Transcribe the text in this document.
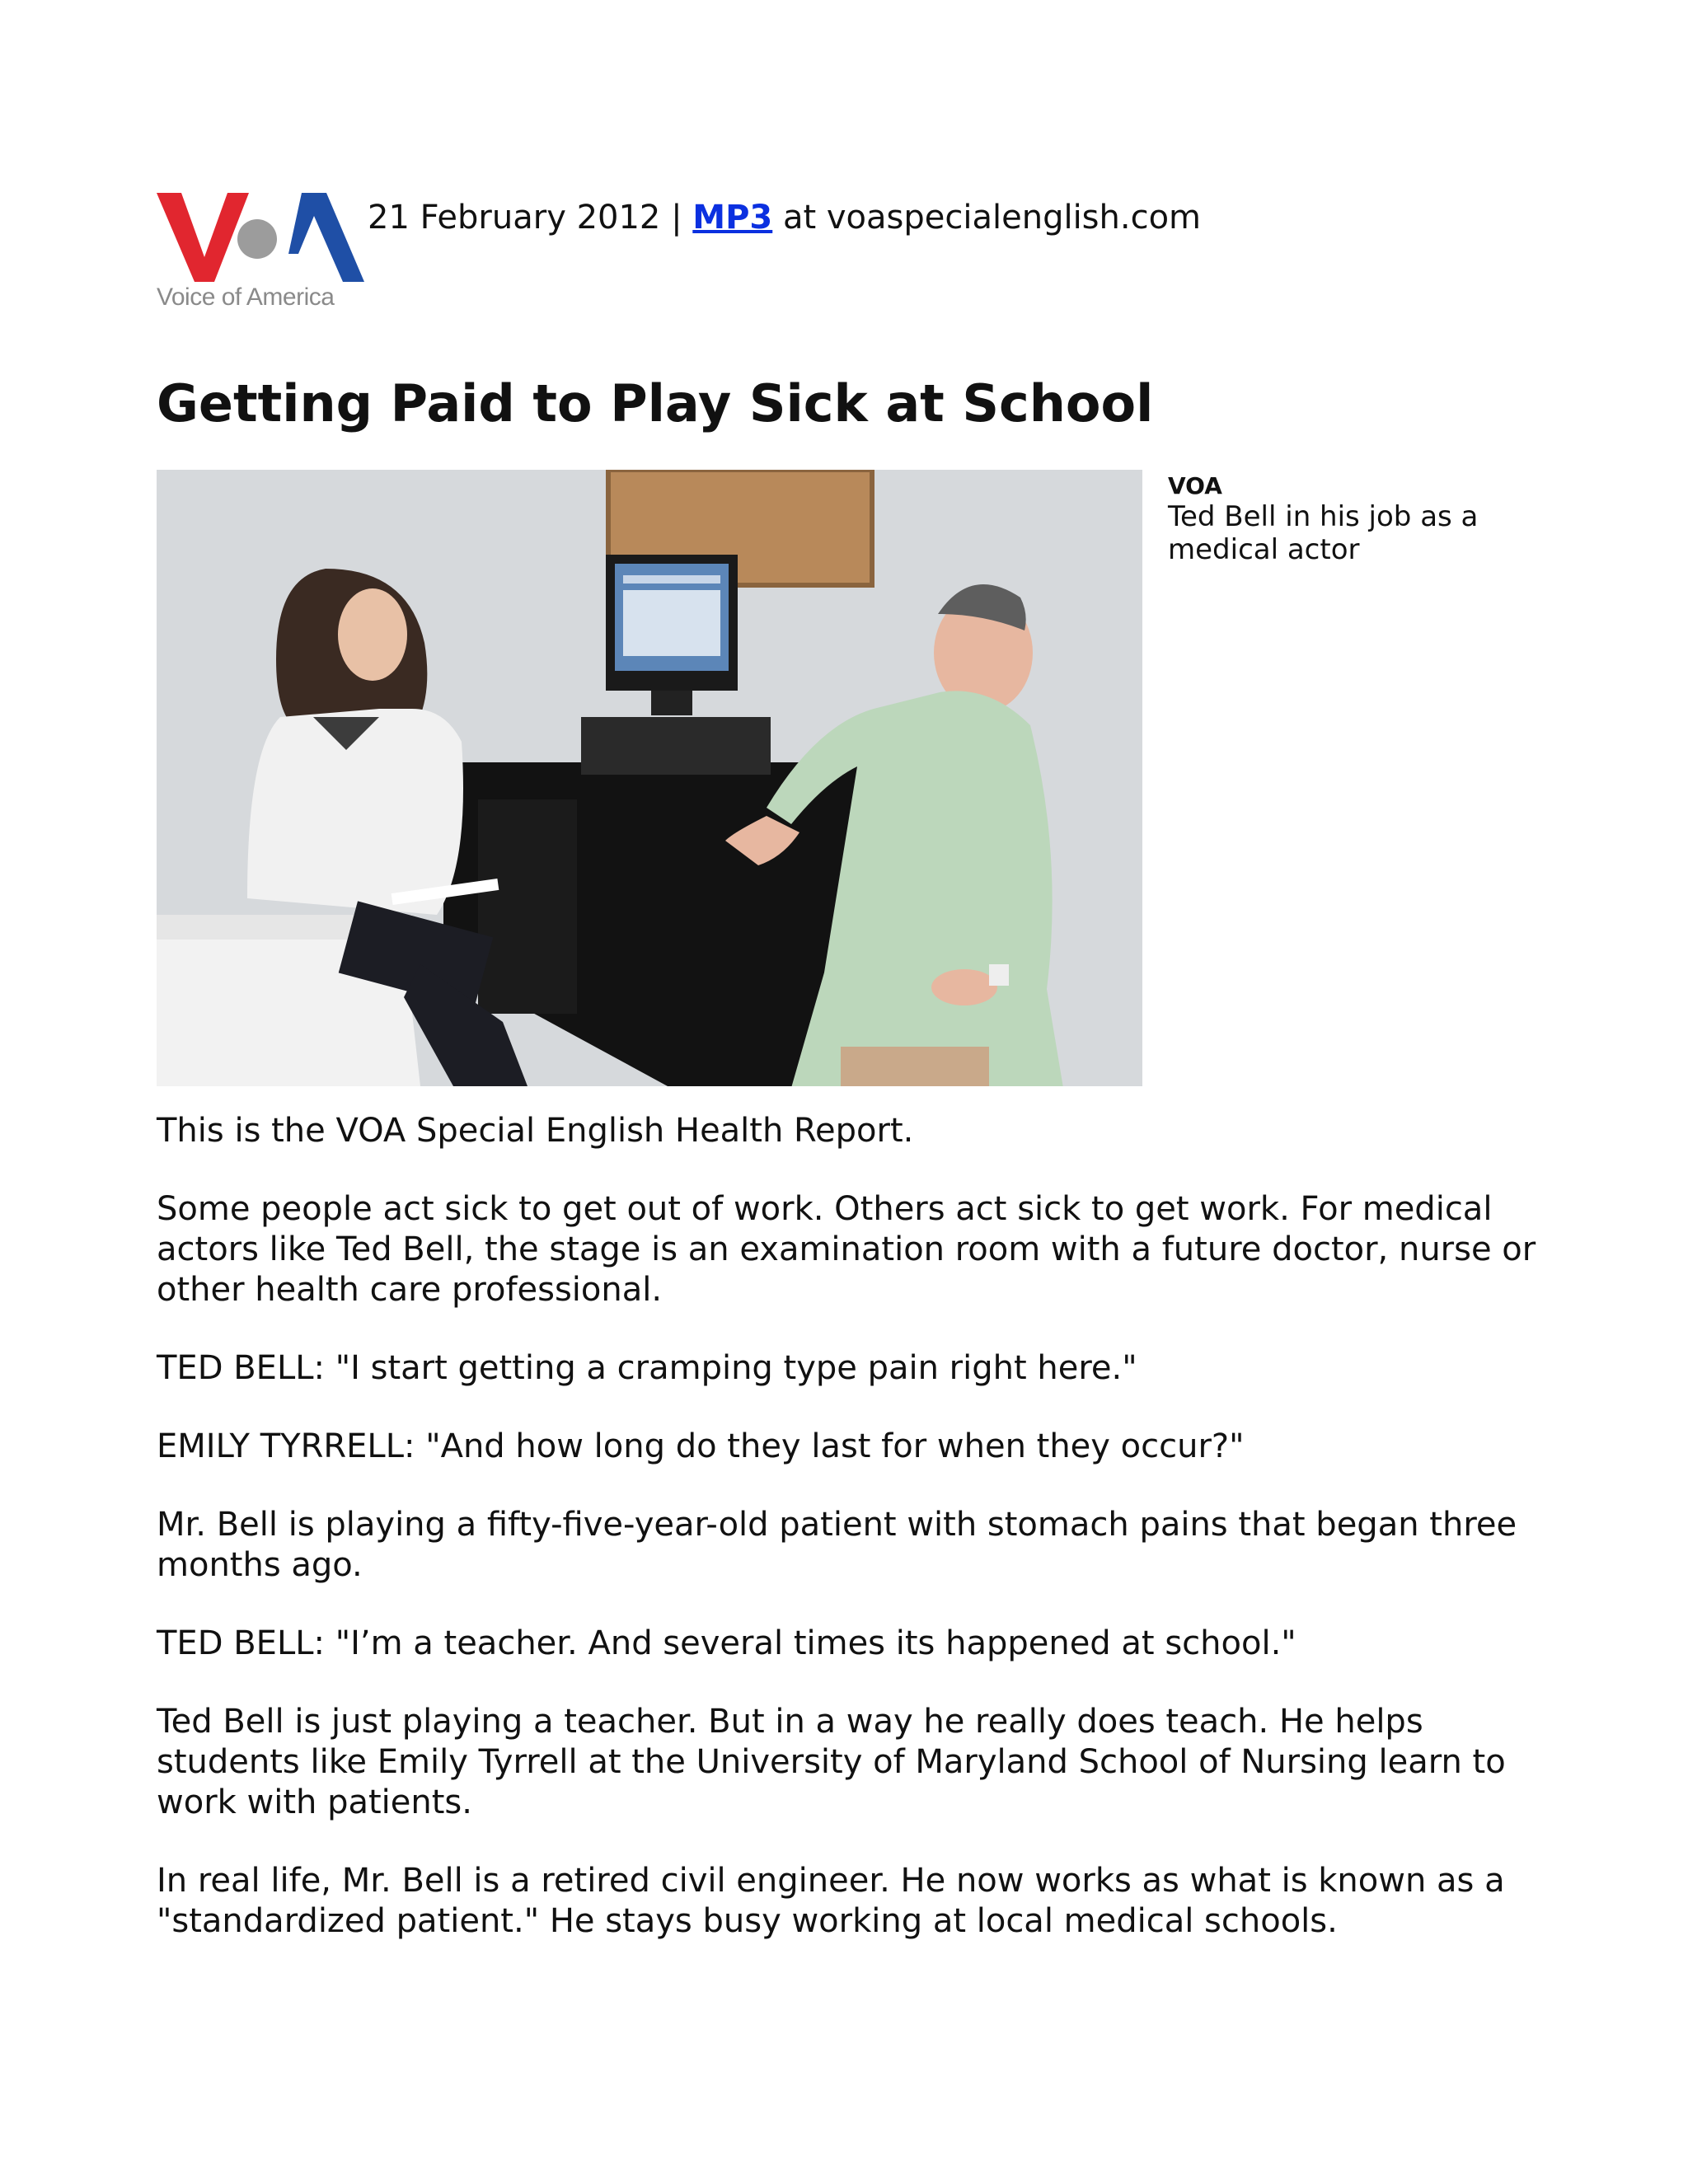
Voice of America
21 February 2012 | MP3 at voaspecialenglish.com
Getting Paid to Play Sick at School
VOA
Ted Bell in his job as a medical actor

This is the VOA Special English Health Report.

Some people act sick to get out of work. Others act sick to get work. For medical actors like Ted Bell, the stage is an examination room with a future doctor, nurse or other health care professional.

TED BELL: "I start getting a cramping type pain right here."

EMILY TYRRELL: "And how long do they last for when they occur?"

Mr. Bell is playing a fifty-five-year-old patient with stomach pains that began three months ago.

TED BELL: "I’m a teacher. And several times its happened at school."

Ted Bell is just playing a teacher. But in a way he really does teach. He helps students like Emily Tyrrell at the University of Maryland School of Nursing learn to work with patients.

In real life, Mr. Bell is a retired civil engineer. He now works as what is known as a "standardized patient." He stays busy working at local medical schools.
